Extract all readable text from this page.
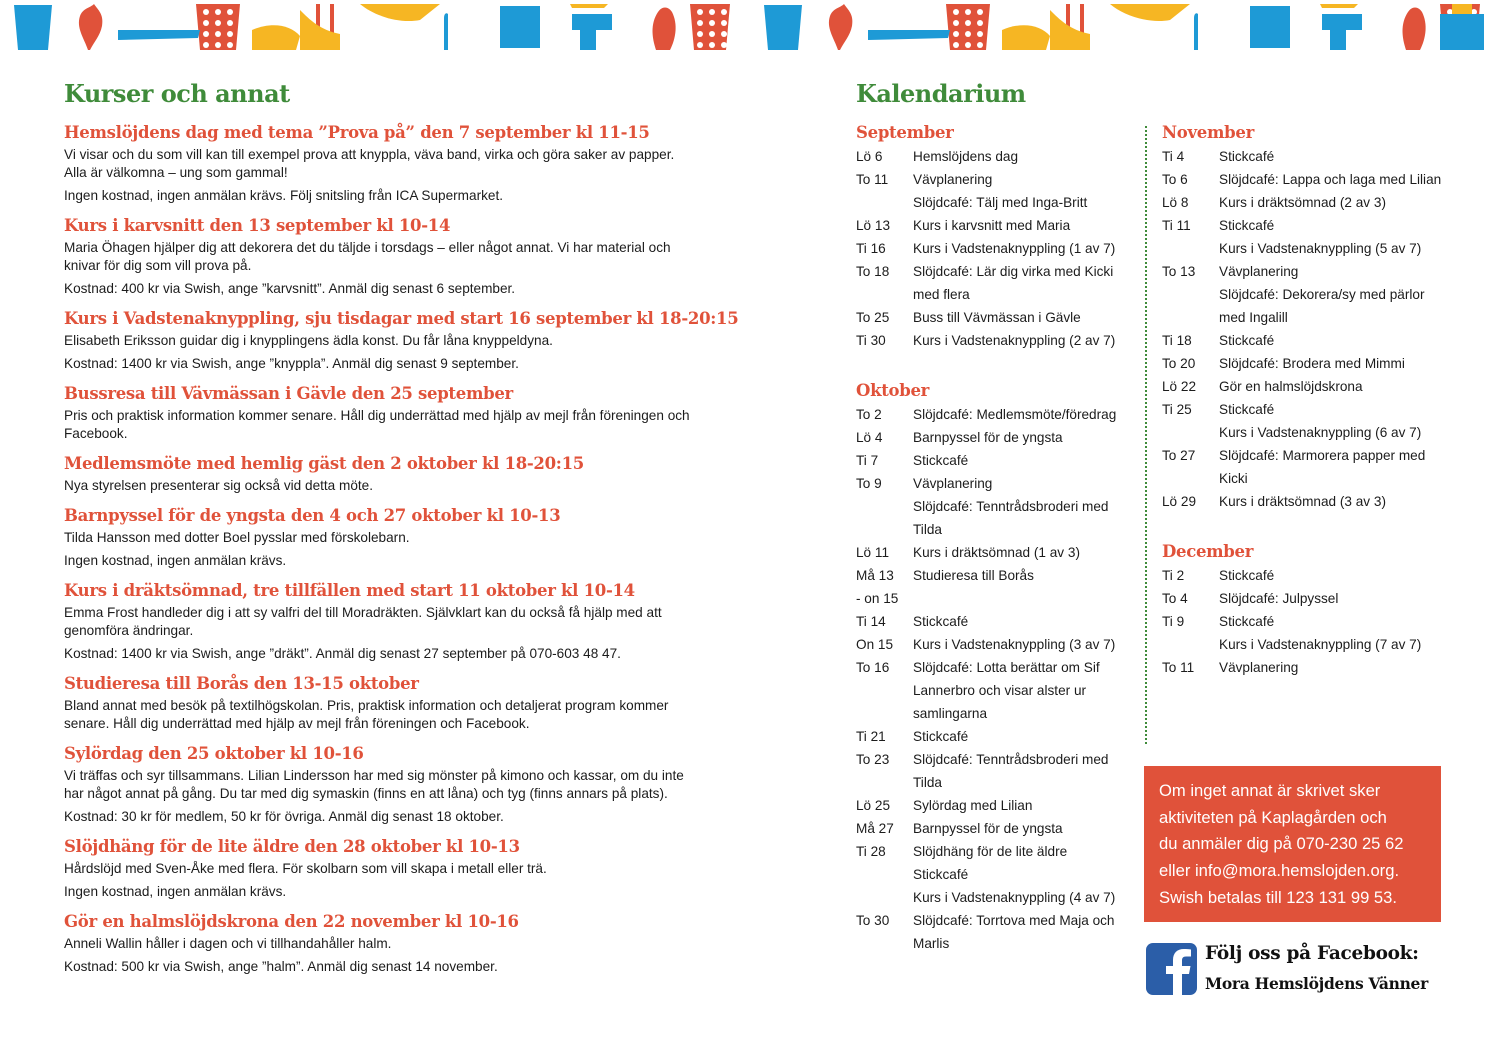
Kurser och annat	Kalendarium
Hemslöjdens dag med tema ”Prova på” den 7 september kl 11-15
Vi visar och du som vill kan till exempel prova att knyppla, väva band, virka och göra saker av papper. Alla är välkomna – ung som gammal!
Ingen kostnad, ingen anmälan krävs. Följ snitsling från ICA Supermarket.
Kurs i karvsnitt den 13 september kl 10-14
Maria Öhagen hjälper dig att dekorera det du täljde i torsdags – eller något annat. Vi har material och knivar för dig som vill prova på.
Kostnad: 400 kr via Swish, ange ”karvsnitt”. Anmäl dig senast 6 september.
Kurs i Vadstenaknyppling, sju tisdagar med start 16 september kl 18-20:15
Elisabeth Eriksson guidar dig i knypplingens ädla konst. Du får låna knyppeldyna.
Kostnad: 1400 kr via Swish, ange ”knyppla”. Anmäl dig senast 9 september.
Bussresa till Vävmässan i Gävle den 25 september
Pris och praktisk information kommer senare. Håll dig underrättad med hjälp av mejl från föreningen och Facebook.
Medlemsmöte med hemlig gäst den 2 oktober kl 18-20:15
Nya styrelsen presenterar sig också vid detta möte.
Barnpyssel för de yngsta den 4 och 27 oktober kl 10-13
Tilda Hansson med dotter Boel pysslar med förskolebarn.
Ingen kostnad, ingen anmälan krävs.
Kurs i dräktsömnad, tre tillfällen med start 11 oktober kl 10-14
Emma Frost handleder dig i att sy valfri del till Moradräkten. Självklart kan du också få hjälp med att genomföra ändringar.
Kostnad: 1400 kr via Swish, ange ”dräkt”. Anmäl dig senast 27 september på 070-603 48 47.
Studieresa till Borås den 13-15 oktober
Bland annat med besök på textilhögskolan. Pris, praktisk information och detaljerat program kommer senare. Håll dig underrättad med hjälp av mejl från föreningen och Facebook.
Sylördag den 25 oktober kl 10-16
Vi träffas och syr tillsammans. Lilian Lindersson har med sig mönster på kimono och kassar, om du inte har något annat på gång. Du tar med dig symaskin (finns en att låna) och tyg (finns annars på plats).
Kostnad: 30 kr för medlem, 50 kr för övriga. Anmäl dig senast 18 oktober.
Slöjdhäng för de lite äldre den 28 oktober kl 10-13
Hårdslöjd med Sven-Åke med flera. För skolbarn som vill skapa i metall eller trä.
Ingen kostnad, ingen anmälan krävs.
Gör en halmslöjdskrona den 22 november kl 10-16
Anneli Wallin håller i dagen och vi tillhandahåller halm.
Kostnad: 500 kr via Swish, ange ”halm”. Anmäl dig senast 14 november.
September
Lö 6	Hemslöjdens dag
To 11	Vävplanering
Slöjdcafé: Tälj med Inga-Britt
Lö 13	Kurs i karvsnitt med Maria
Ti 16	Kurs i Vadstenaknyppling (1 av 7)
To 18	Slöjdcafé: Lär dig virka med Kicki med flera
To 25	Buss till Vävmässan i Gävle
Ti 30	Kurs i Vadstenaknyppling (2 av 7)
Oktober
To 2	Slöjdcafé: Medlemsmöte/föredrag
Lö 4	Barnpyssel för de yngsta
Ti 7	Stickcafé
To 9	Vävplanering
Slöjdcafé: Tenntrådsbroderi med Tilda
Lö 11	Kurs i dräktsömnad (1 av 3)
Må 13	Studieresa till Borås
- on 15
Ti 14	Stickcafé
On 15	Kurs i Vadstenaknyppling (3 av 7)
To 16	Slöjdcafé: Lotta berättar om Sif Lannerbro och visar alster ur samlingarna
Ti 21	Stickcafé
To 23	Slöjdcafé: Tenntrådsbroderi med Tilda
Lö 25	Sylördag med Lilian
Må 27	Barnpyssel för de yngsta
Ti 28	Slöjdhäng för de lite äldre
Stickcafé
Kurs i Vadstenaknyppling (4 av 7)
To 30	Slöjdcafé: Torrtova med Maja och Marlis
November
Ti 4	Stickcafé
To 6	Slöjdcafé: Lappa och laga med Lilian
Lö 8	Kurs i dräktsömnad (2 av 3)
Ti 11	Stickcafé
Kurs i Vadstenaknyppling (5 av 7)
To 13	Vävplanering
Slöjdcafé: Dekorera/sy med pärlor med Ingalill
Ti 18	Stickcafé
To 20	Slöjdcafé: Brodera med Mimmi
Lö 22	Gör en halmslöjdskrona
Ti 25	Stickcafé
Kurs i Vadstenaknyppling (6 av 7)
To 27	Slöjdcafé: Marmorera papper med Kicki
Lö 29	Kurs i dräktsömnad (3 av 3)
December
Ti 2	Stickcafé
To 4	Slöjdcafé: Julpyssel
Ti 9	Stickcafé
Kurs i Vadstenaknyppling (7 av 7)
To 11	Vävplanering
Om inget annat är skrivet sker
aktiviteten på Kaplagården och
du anmäler dig på 070-230 25 62
eller info@mora.hemslojden.org.
Swish betalas till 123 131 99 53.
Följ oss på Facebook:
Mora Hemslöjdens Vänner
